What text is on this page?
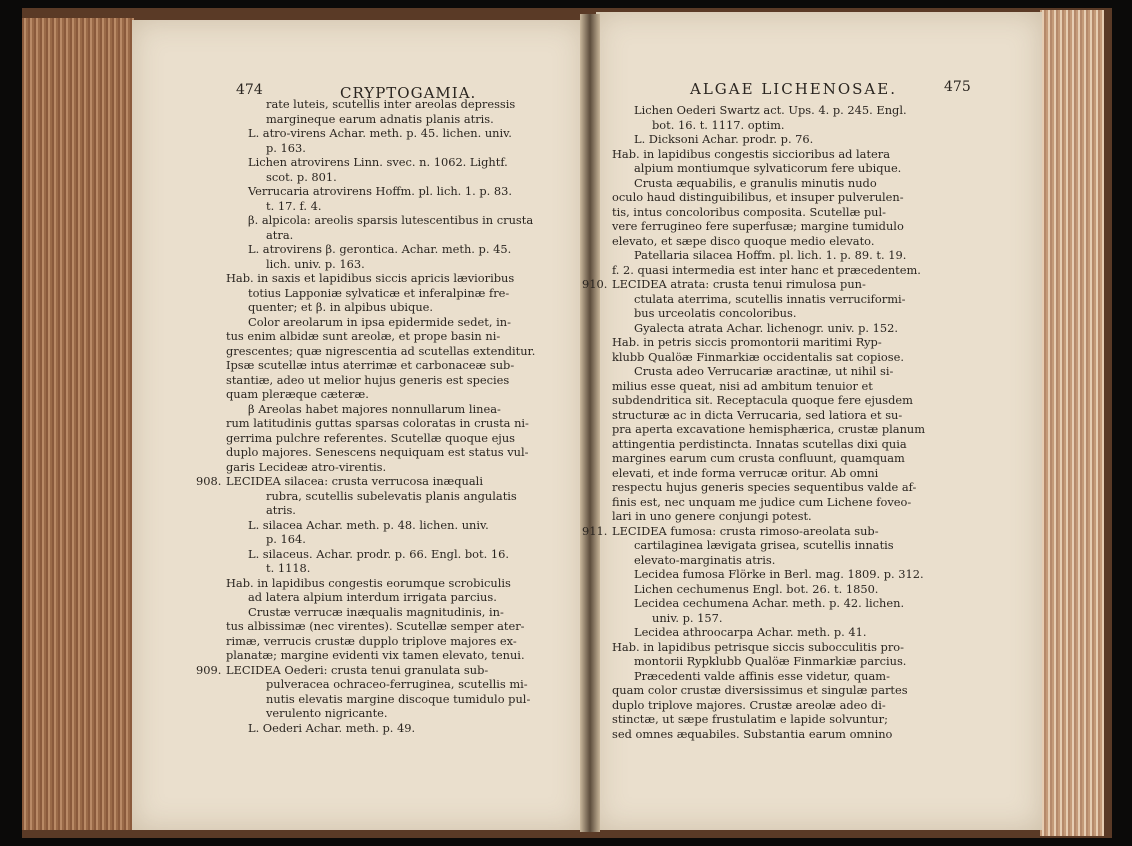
474	CRYPTOGAMIA.	ALGAE LICHENOSAE.	475
rate luteis, scutellis inter areolas depressis
margineque earum adnatis planis atris.
L. atro-virens Achar. meth. p. 45. lichen. univ.
p. 163.
Lichen atrovirens Linn. svec. n. 1062. Lightf.
scot. p. 801.
Verrucaria atrovirens Hoffm. pl. lich. 1. p. 83.
t. 17. f. 4.
β. alpicola: areolis sparsis lutescentibus in crusta
atra.
L. atrovirens β. gerontica. Achar. meth. p. 45.
lich. univ. p. 163.
Hab. in saxis et lapidibus siccis apricis lævioribus
totius Lapponiæ sylvaticæ et inferalpinæ fre-
quenter; et β. in alpibus ubique.
Color areolarum in ipsa epidermide sedet, in-
tus enim albidæ sunt areolæ, et prope basin ni-
grescentes; quæ nigrescentia ad scutellas extenditur.
Ipsæ scutellæ intus aterrimæ et carbonaceæ sub-
stantiæ, adeo ut melior hujus generis est species
quam pleræque cæteræ.
β Areolas habet majores nonnullarum linea-
rum latitudinis guttas sparsas coloratas in crusta ni-
gerrima pulchre referentes. Scutellæ quoque ejus
duplo majores. Senescens nequiquam est status vul-
garis Lecideæ atro-virentis.
908. LECIDEA silacea: crusta verrucosa inæquali
rubra, scutellis subelevatis planis angulatis
atris.
L. silacea Achar. meth. p. 48. lichen. univ.
p. 164.
L. silaceus. Achar. prodr. p. 66. Engl. bot. 16.
t. 1118.
Hab. in lapidibus congestis eorumque scrobiculis
ad latera alpium interdum irrigata parcius.
Crustæ verrucæ inæqualis magnitudinis, in-
tus albissimæ (nec virentes). Scutellæ semper ater-
rimæ, verrucis crustæ dupplo triplove majores ex-
planatæ; margine evidenti vix tamen elevato, tenui.
909. LECIDEA Oederi: crusta tenui granulata sub-
pulveracea ochraceo-ferruginea, scutellis mi-
nutis elevatis margine discoque tumidulo pul-
verulento nigricante.
L. Oederi Achar. meth. p. 49.
Lichen Oederi Swartz act. Ups. 4. p. 245. Engl.
bot. 16. t. 1117. optim.
L. Dicksoni Achar. prodr. p. 76.
Hab. in lapidibus congestis siccioribus ad latera
alpium montiumque sylvaticorum fere ubique.
Crusta æquabilis, e granulis minutis nudo
oculo haud distinguibilibus, et insuper pulverulen-
tis, intus concoloribus composita. Scutellæ pul-
vere ferrugineo fere superfusæ; margine tumidulo
elevato, et sæpe disco quoque medio elevato.
Patellaria silacea Hoffm. pl. lich. 1. p. 89. t. 19.
f. 2. quasi intermedia est inter hanc et præcedentem.
910. LECIDEA atrata: crusta tenui rimulosa pun-
ctulata aterrima, scutellis innatis verruciformi-
bus urceolatis concoloribus.
Gyalecta atrata Achar. lichenogr. univ. p. 152.
Hab. in petris siccis promontorii maritimi Ryp-
klubb Qualöæ Finmarkiæ occidentalis sat copiose.
Crusta adeo Verrucariæ aractinæ, ut nihil si-
milius esse queat, nisi ad ambitum tenuior et
subdendritica sit. Receptacula quoque fere ejusdem
structuræ ac in dicta Verrucaria, sed latiora et su-
pra aperta excavatione hemisphærica, crustæ planum
attingentia perdistincta. Innatas scutellas dixi quia
margines earum cum crusta confluunt, quamquam
elevati, et inde forma verrucæ oritur. Ab omni
respectu hujus generis species sequentibus valde af-
finis est, nec unquam me judice cum Lichene foveo-
lari in uno genere conjungi potest.
911. LECIDEA fumosa: crusta rimoso-areolata sub-
cartilaginea lævigata grisea, scutellis innatis
elevato-marginatis atris.
Lecidea fumosa Flörke in Berl. mag. 1809. p. 312.
Lichen cechumenus Engl. bot. 26. t. 1850.
Lecidea cechumena Achar. meth. p. 42. lichen.
univ. p. 157.
Lecidea athroocarpa Achar. meth. p. 41.
Hab. in lapidibus petrisque siccis subocculitis pro-
montorii Rypklubb Qualöæ Finmarkiæ parcius.
Præcedenti valde affinis esse videtur, quam-
quam color crustæ diversissimus et singulæ partes
duplo triplove majores. Crustæ areolæ adeo di-
stinctæ, ut sæpe frustulatim e lapide solvuntur;
sed omnes æquabiles. Substantia earum omnino
